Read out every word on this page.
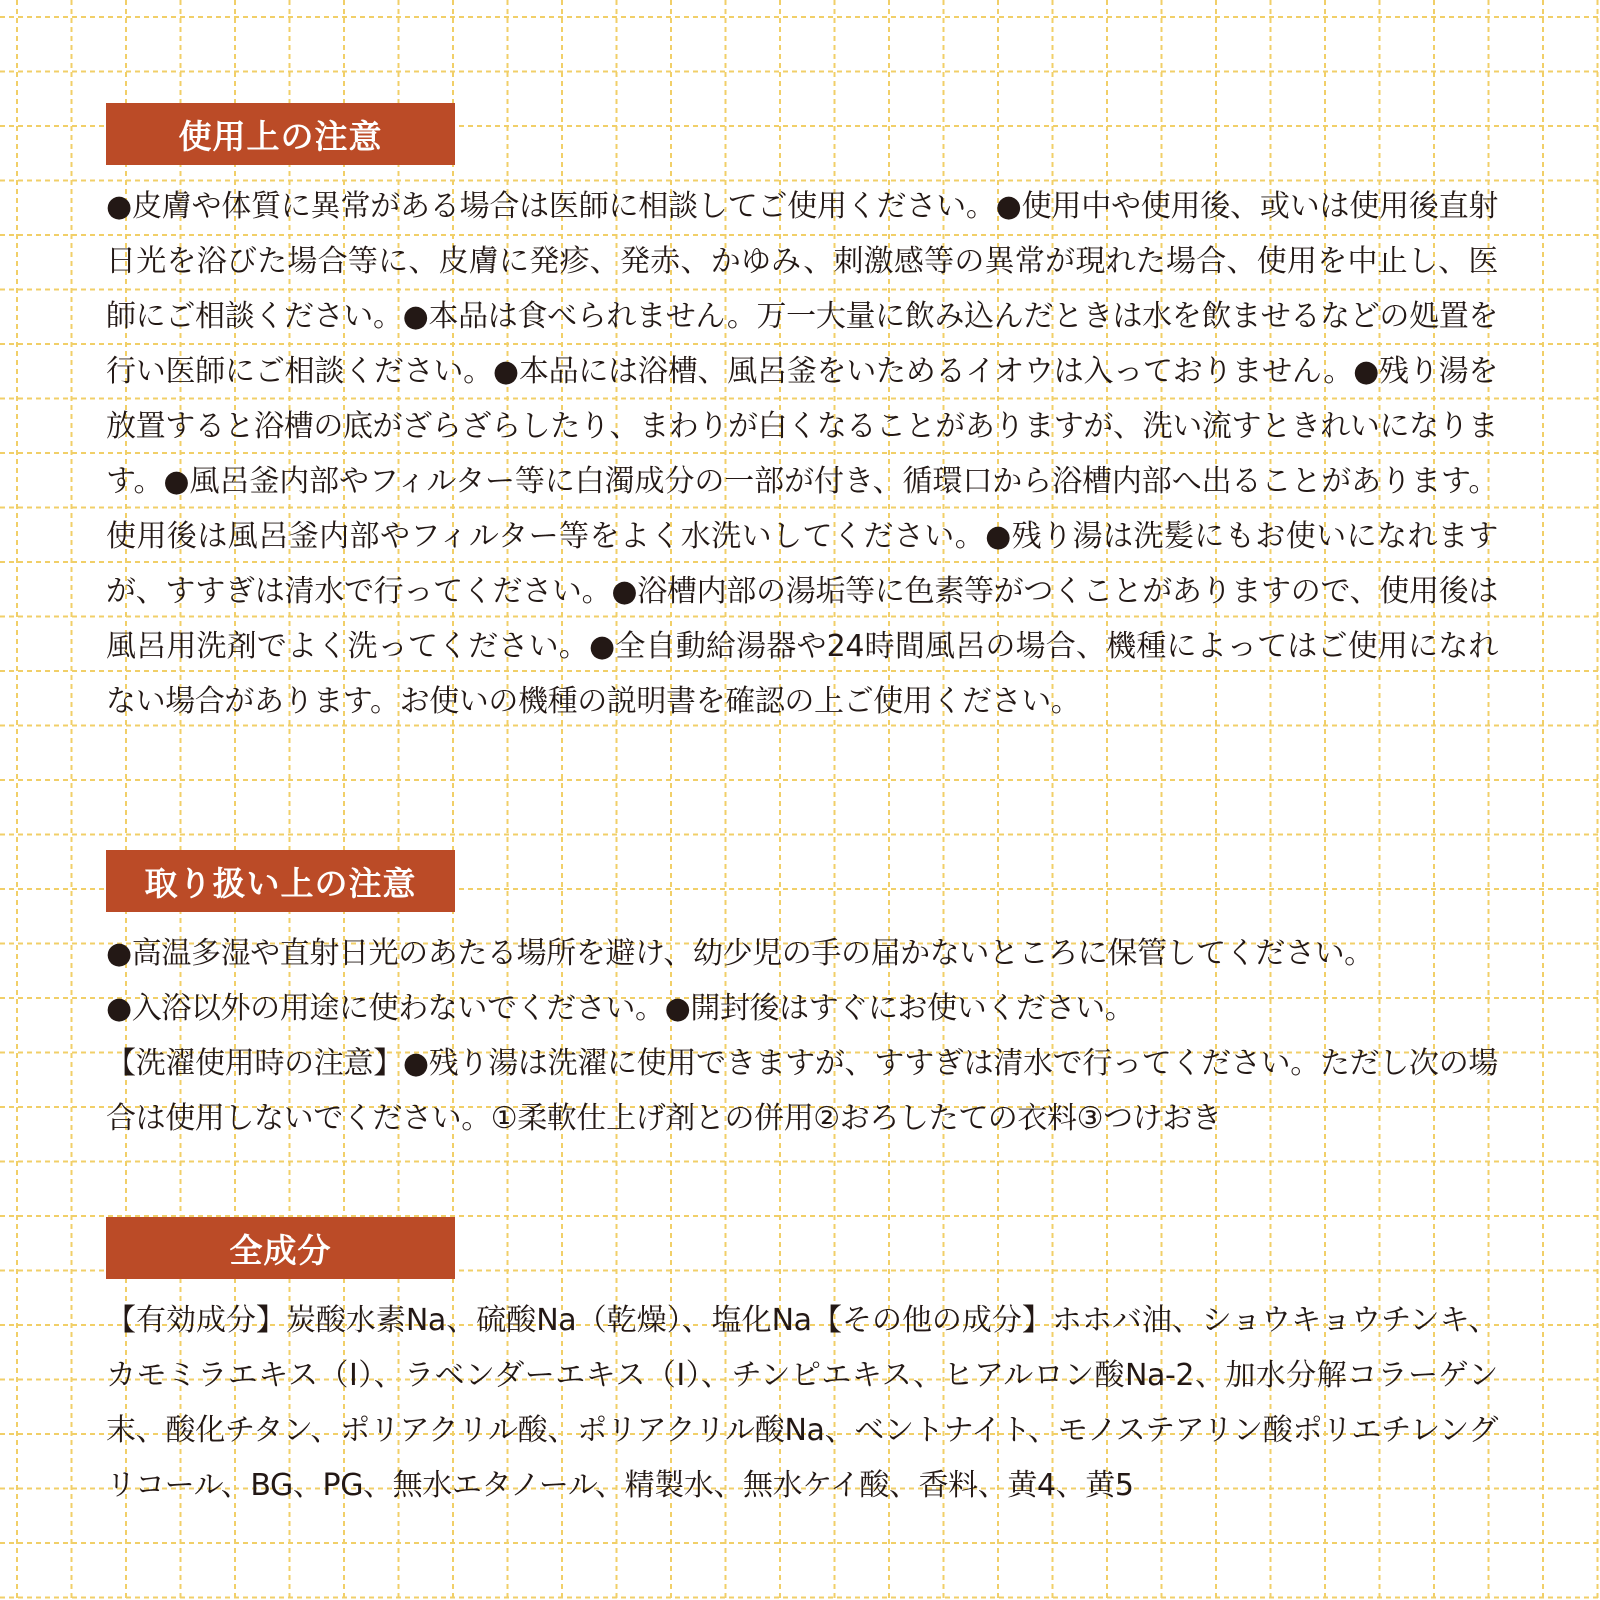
使用上の注意

●皮膚や体質に異常がある場合は医師に相談してご使用ください。●使用中や使用後、或いは使用後直射日光を浴びた場合等に、皮膚に発疹、発赤、かゆみ、刺激感等の異常が現れた場合、使用を中止し、医師にご相談ください。●本品は食べられません。万一大量に飲み込んだときは水を飲ませるなどの処置を行い医師にご相談ください。●本品には浴槽、風呂釜をいためるイオウは入っておりません。●残り湯を放置すると浴槽の底がざらざらしたり、まわりが白くなることがありますが、洗い流すときれいになります。●風呂釜内部やフィルター等に白濁成分の一部が付き、循環口から浴槽内部へ出ることがあります。使用後は風呂釜内部やフィルター等をよく水洗いしてください。●残り湯は洗髪にもお使いになれますが、すすぎは清水で行ってください。●浴槽内部の湯垢等に色素等がつくことがありますので、使用後は風呂用洗剤でよく洗ってください。●全自動給湯器や24時間風呂の場合、機種によってはご使用になれない場合があります。お使いの機種の説明書を確認の上ご使用ください。

取り扱い上の注意

●高温多湿や直射日光のあたる場所を避け、幼少児の手の届かないところに保管してください。

●入浴以外の用途に使わないでください。●開封後はすぐにお使いください。

【洗濯使用時の注意】●残り湯は洗濯に使用できますが、すすぎは清水で行ってください。ただし次の場合は使用しないでください。①柔軟仕上げ剤との併用②おろしたての衣料③つけおき

全成分

【有効成分】炭酸水素Na、硫酸Na（乾燥）、塩化Na【その他の成分】ホホバ油、ショウキョウチンキ、カモミラエキス（Ⅰ）、ラベンダーエキス（Ⅰ）、チンピエキス、ヒアルロン酸Na-2、加水分解コラーゲン末、酸化チタン、ポリアクリル酸、ポリアクリル酸Na、ベントナイト、モノステアリン酸ポリエチレングリコール、BG、PG、無水エタノール、精製水、無水ケイ酸、香料、黄4、黄5
